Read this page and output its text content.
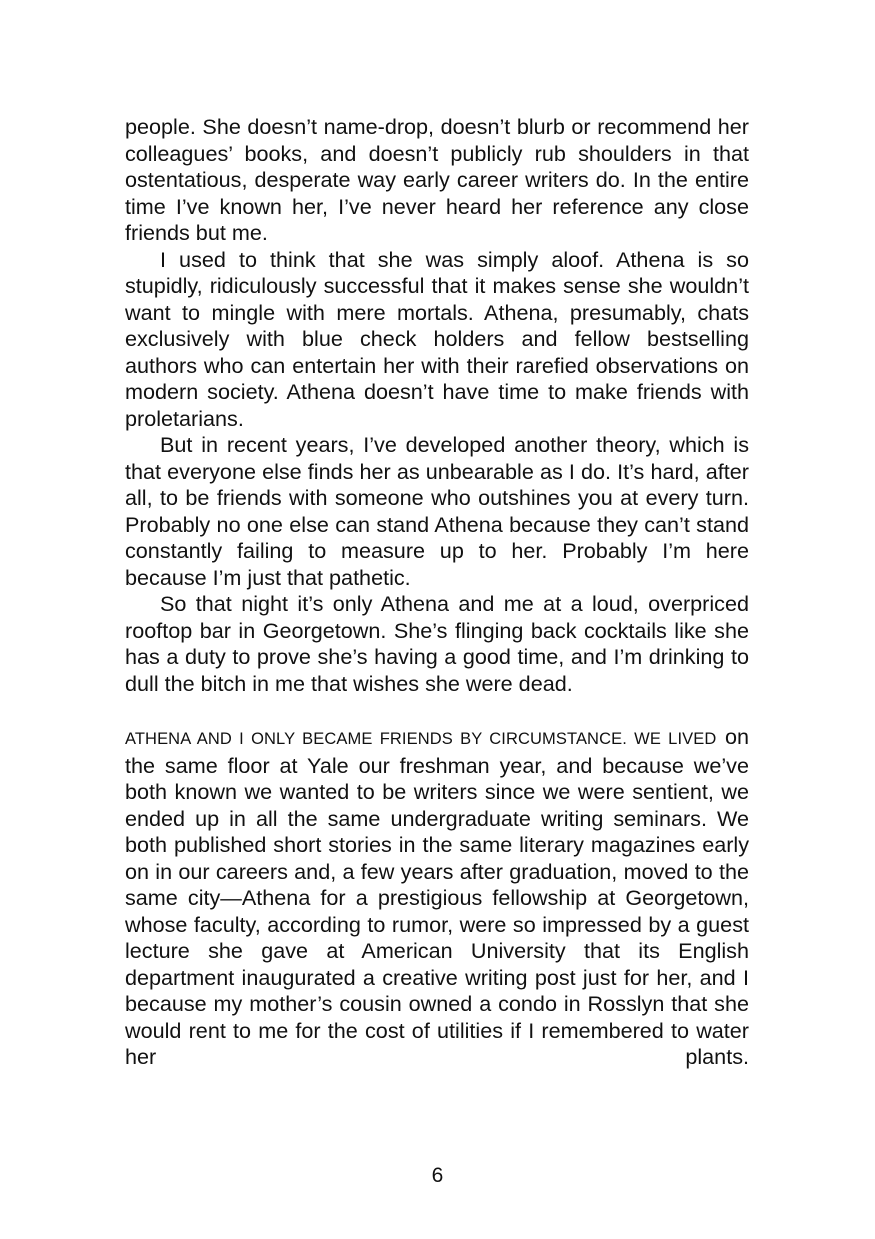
people. She doesn’t name-drop, doesn’t blurb or recommend her colleagues’ books, and doesn’t publicly rub shoulders in that ostentatious, desperate way early career writers do. In the entire time I’ve known her, I’ve never heard her reference any close friends but me.

I used to think that she was simply aloof. Athena is so stupidly, ridiculously successful that it makes sense she wouldn’t want to mingle with mere mortals. Athena, presumably, chats exclusively with blue check holders and fellow bestselling authors who can entertain her with their rarefied observations on modern society. Athena doesn’t have time to make friends with proletarians.

But in recent years, I’ve developed another theory, which is that everyone else finds her as unbearable as I do. It’s hard, after all, to be friends with someone who outshines you at every turn. Probably no one else can stand Athena because they can’t stand constantly failing to measure up to her. Probably I’m here because I’m just that pathetic.

So that night it’s only Athena and me at a loud, overpriced rooftop bar in Georgetown. She’s flinging back cocktails like she has a duty to prove she’s having a good time, and I’m drinking to dull the bitch in me that wishes she were dead.

ATHENA AND I ONLY BECAME FRIENDS BY CIRCUMSTANCE. WE LIVED on the same floor at Yale our freshman year, and because we’ve both known we wanted to be writers since we were sentient, we ended up in all the same undergraduate writing seminars. We both published short stories in the same literary magazines early on in our careers and, a few years after graduation, moved to the same city—Athena for a prestigious fellowship at Georgetown, whose faculty, according to rumor, were so impressed by a guest lecture she gave at American University that its English department inaugurated a creative writing post just for her, and I because my mother’s cousin owned a condo in Rosslyn that she would rent to me for the cost of utilities if I remembered to water her plants.

6
